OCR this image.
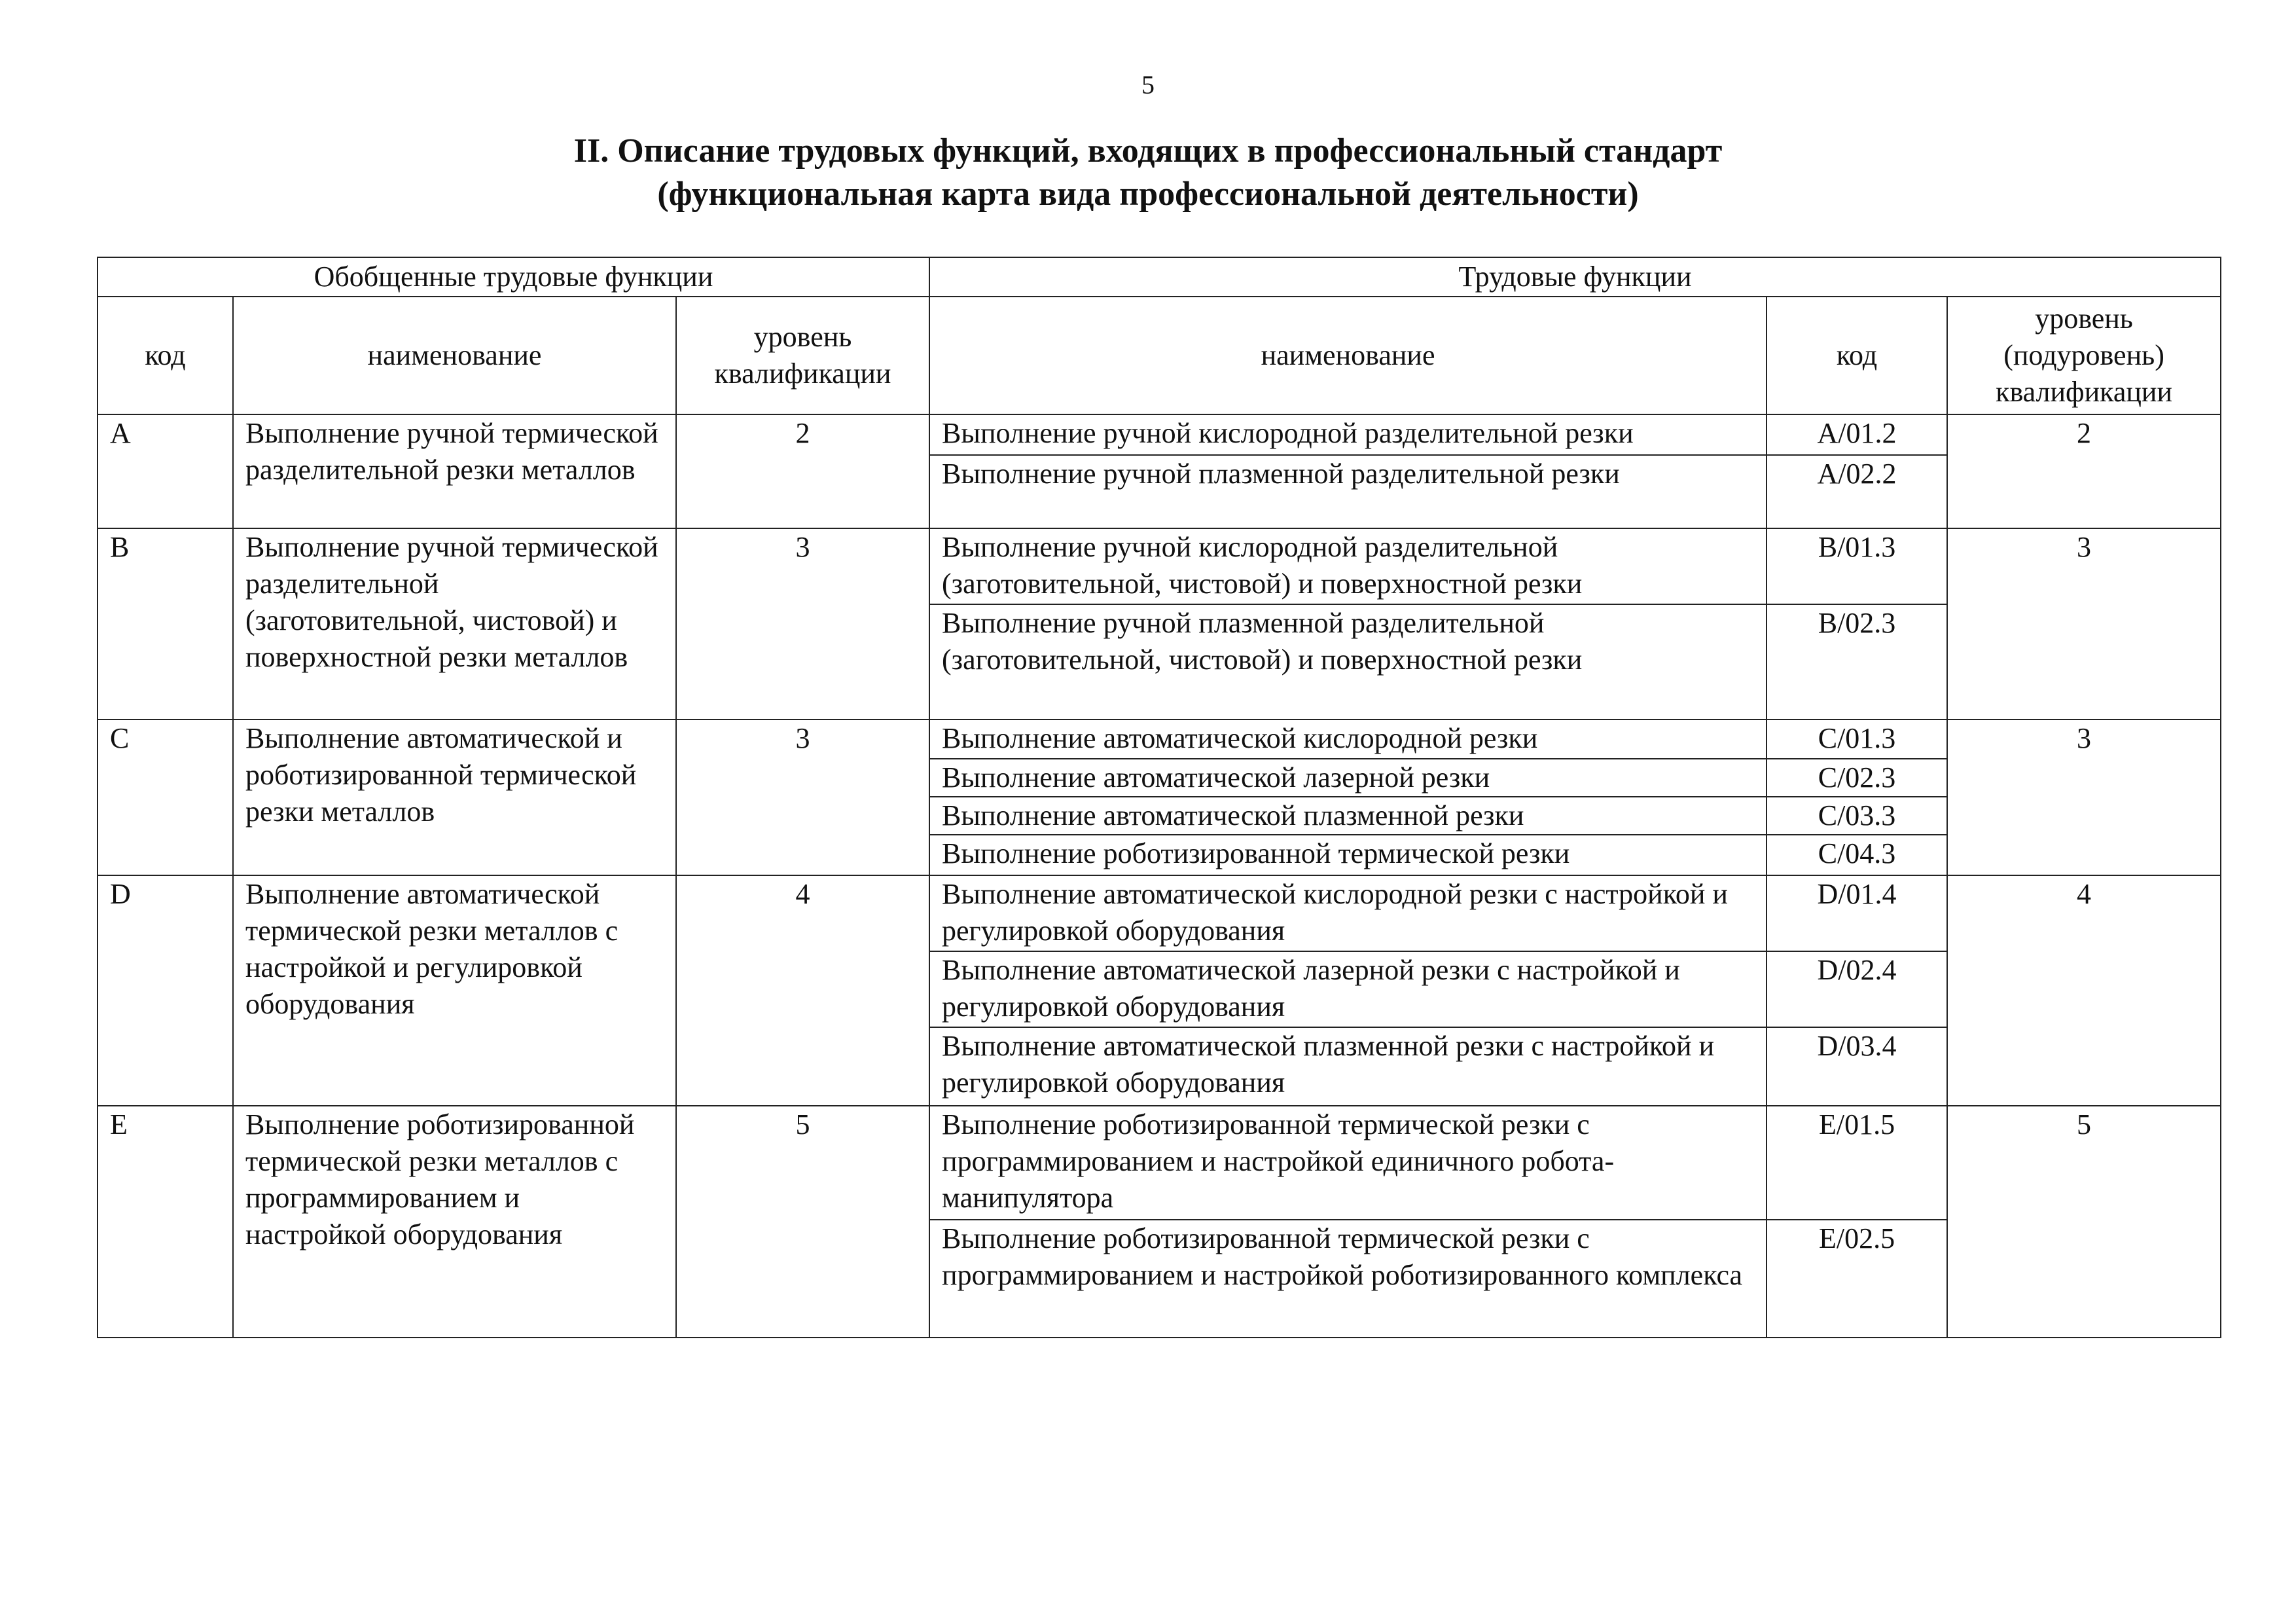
5
II. Описание трудовых функций, входящих в профессиональный стандарт
(функциональная карта вида профессиональной деятельности)
Обобщенные трудовые функции			Трудовые функции		
код	наименование	уровень квалификации	наименование	код	уровень (подуровень) квалификации
A	Выполнение ручной термической разделительной резки металлов	2	Выполнение ручной кислородной разделительной резки	A/01.2	2
			Выполнение ручной плазменной разделительной резки	A/02.2	
B	Выполнение ручной термической разделительной (заготовительной, чистовой) и поверхностной резки металлов	3	Выполнение ручной кислородной разделительной (заготовительной, чистовой) и поверхностной резки	B/01.3	3
			Выполнение ручной плазменной разделительной (заготовительной, чистовой) и поверхностной резки	B/02.3	
C	Выполнение автоматической и роботизированной термической резки металлов	3	Выполнение автоматической кислородной резки	C/01.3	3
			Выполнение автоматической лазерной резки	C/02.3	
			Выполнение автоматической плазменной резки	C/03.3	
			Выполнение роботизированной термической резки	C/04.3	
D	Выполнение автоматической термической резки металлов с настройкой и регулировкой оборудования	4	Выполнение автоматической кислородной резки с настройкой и регулировкой оборудования	D/01.4	4
			Выполнение автоматической лазерной резки с настройкой и регулировкой оборудования	D/02.4	
			Выполнение автоматической плазменной резки с настройкой и регулировкой оборудования	D/03.4	
E	Выполнение роботизированной термической резки металлов с программированием и настройкой оборудования	5	Выполнение роботизированной термической резки с программированием и настройкой единичного робота-манипулятора	E/01.5	5
			Выполнение роботизированной термической резки с программированием и настройкой роботизированного комплекса	E/02.5	
